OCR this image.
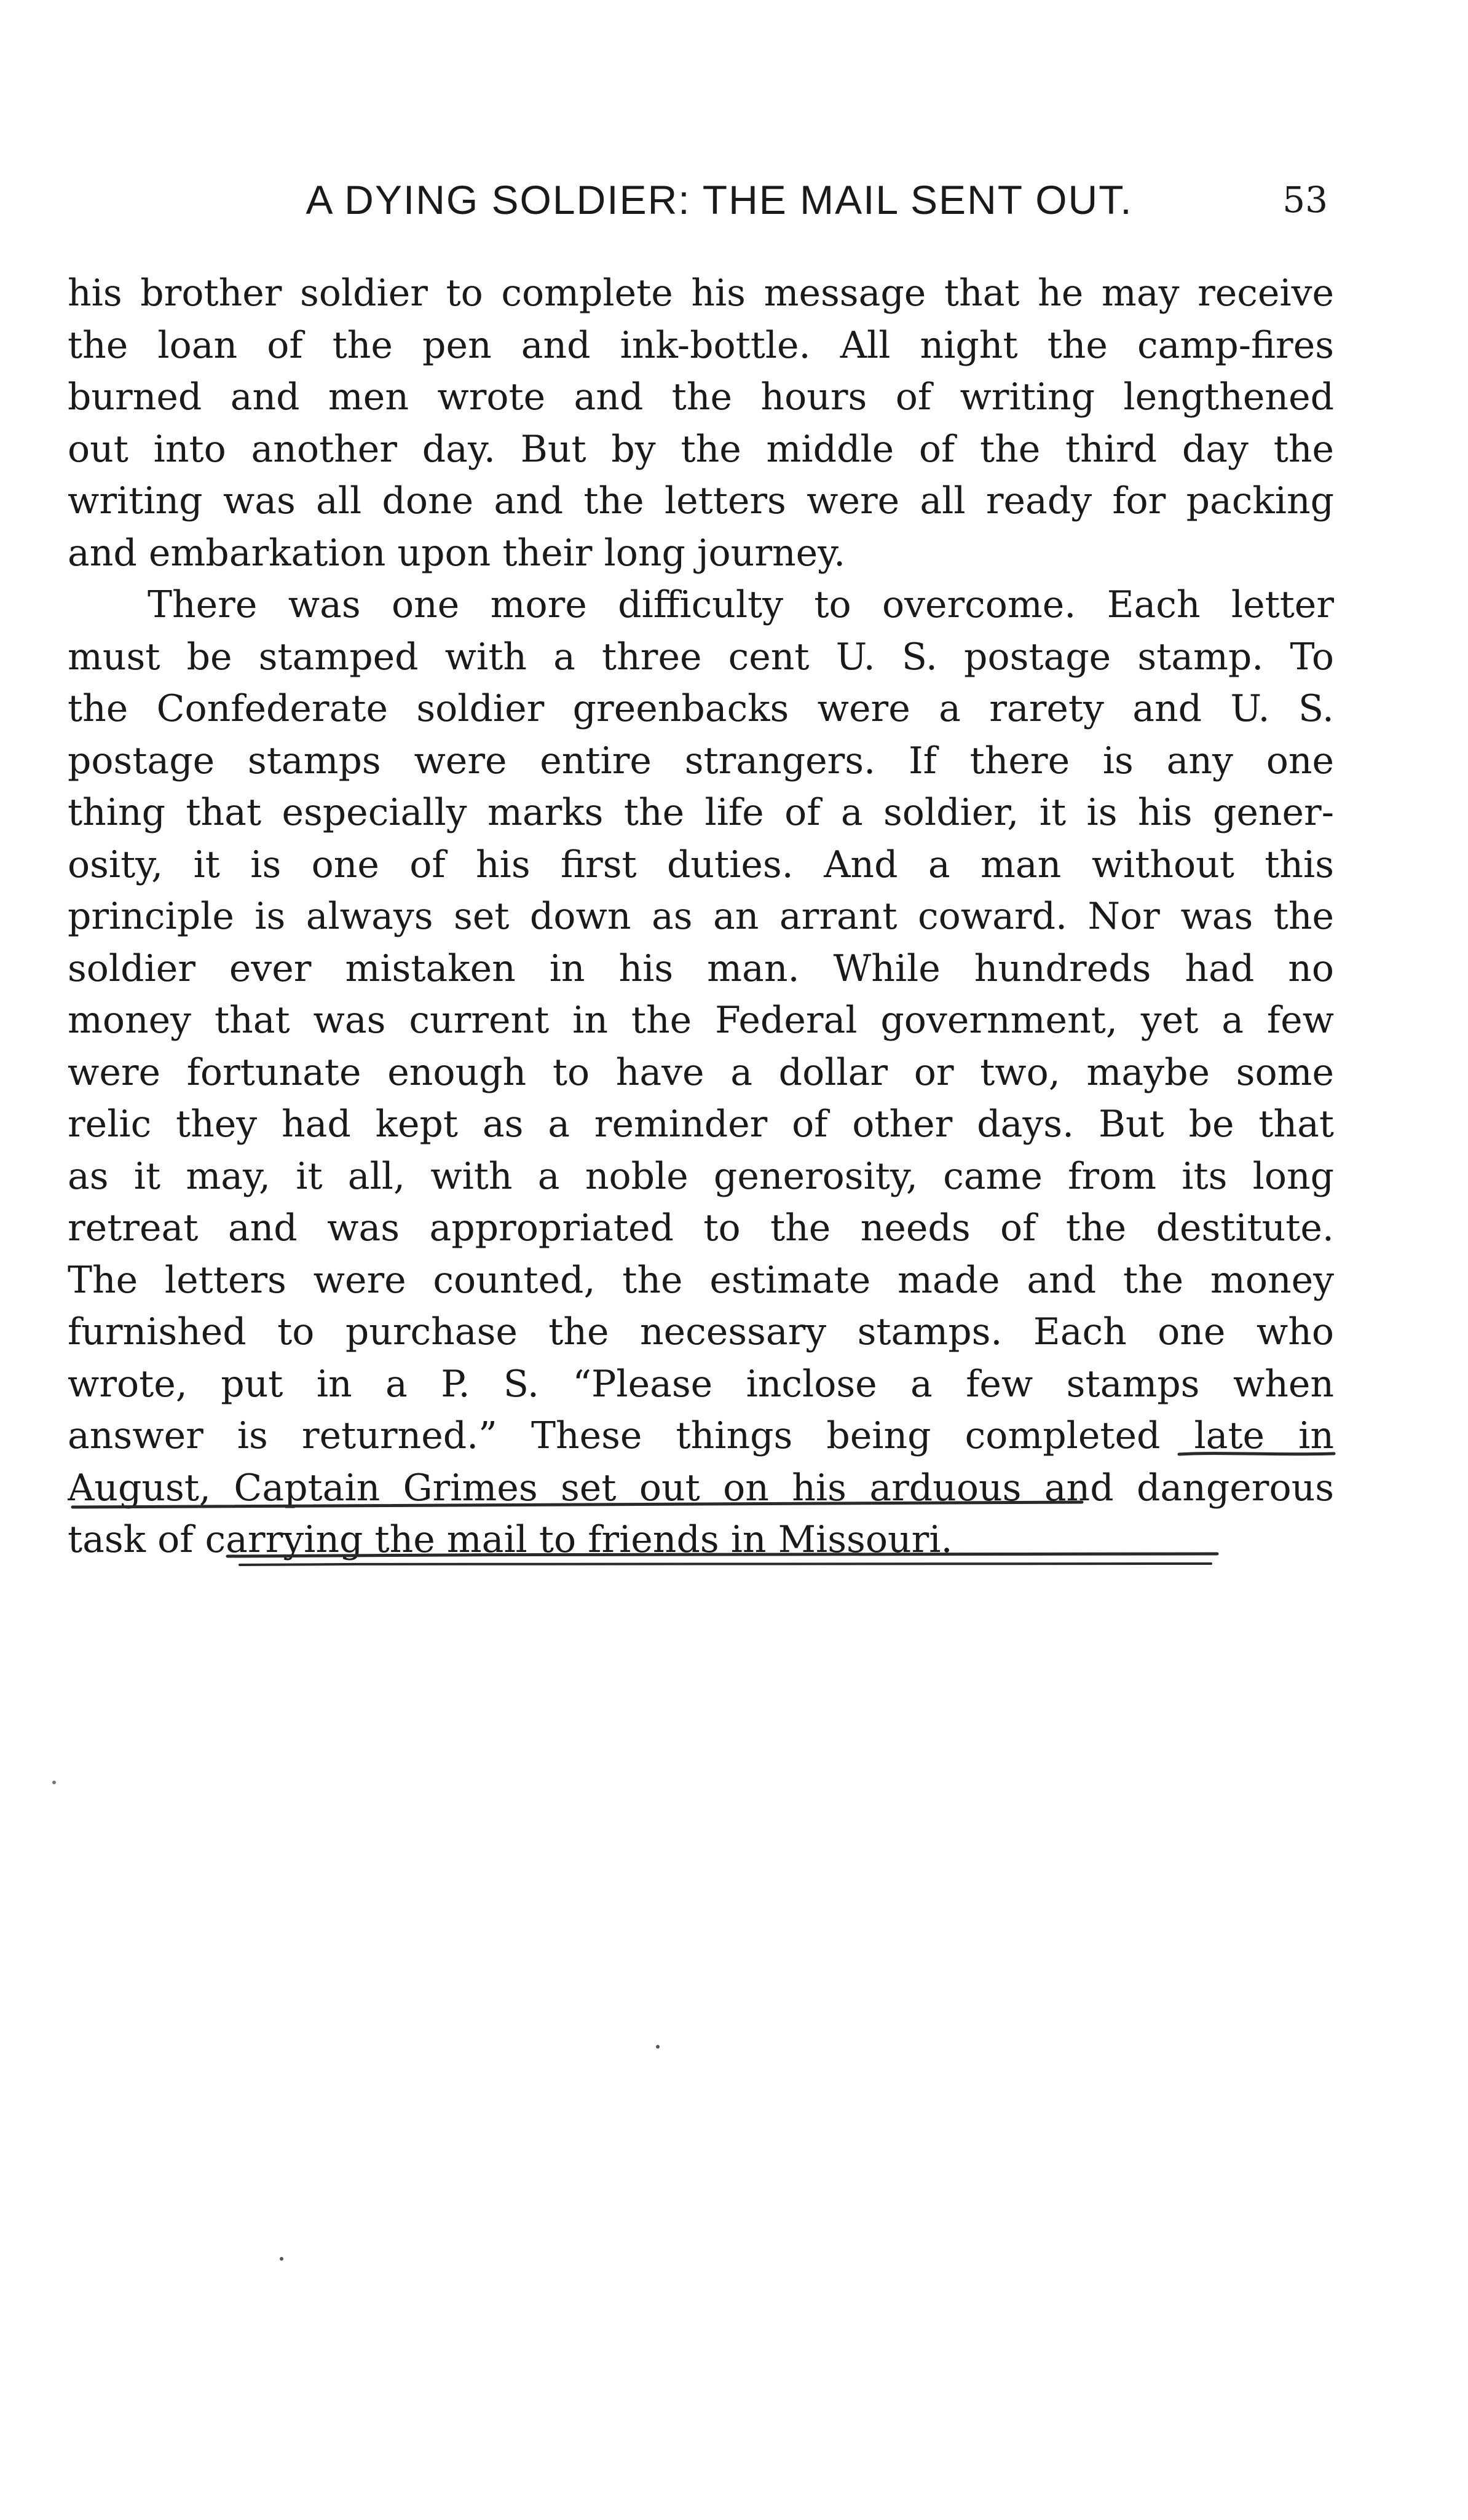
A DYING SOLDIER: THE MAIL SENT OUT.	53
his brother soldier to complete his message that he may receive
the loan of the pen and ink-bottle. All night the camp-fires
burned and men wrote and the hours of writing lengthened
out into another day. But by the middle of the third day the
writing was all done and the letters were all ready for packing
and embarkation upon their long journey.
There was one more difficulty to overcome. Each letter
must be stamped with a three cent U. S. postage stamp. To
the Confederate soldier greenbacks were a rarety and U. S.
postage stamps were entire strangers. If there is any one
thing that especially marks the life of a soldier, it is his gener-
osity, it is one of his first duties. And a man without this
principle is always set down as an arrant coward. Nor was the
soldier ever mistaken in his man. While hundreds had no
money that was current in the Federal government, yet a few
were fortunate enough to have a dollar or two, maybe some
relic they had kept as a reminder of other days. But be that
as it may, it all, with a noble generosity, came from its long
retreat and was appropriated to the needs of the destitute.
The letters were counted, the estimate made and the money
furnished to purchase the necessary stamps. Each one who
wrote, put in a P. S. “Please inclose a few stamps when
answer is returned.” These things being completed late in
August, Captain Grimes set out on his arduous and dangerous
task of carrying the mail to friends in Missouri.
